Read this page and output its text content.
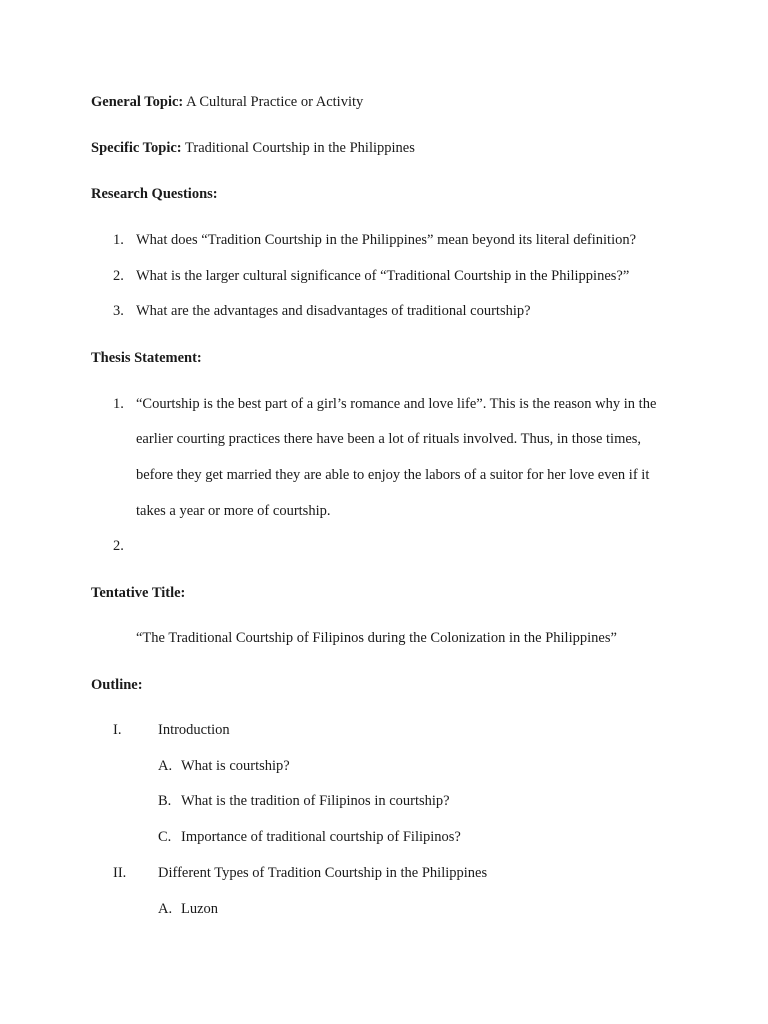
General Topic: A Cultural Practice or Activity
Specific Topic: Traditional Courtship in the Philippines
Research Questions:
1. What does “Tradition Courtship in the Philippines” mean beyond its literal definition?
2. What is the larger cultural significance of “Traditional Courtship in the Philippines?”
3. What are the advantages and disadvantages of traditional courtship?
Thesis Statement:
1. “Courtship is the best part of a girl’s romance and love life”. This is the reason why in the
earlier courting practices there have been a lot of rituals involved. Thus, in those times,
before they get married they are able to enjoy the labors of a suitor for her love even if it
takes a year or more of courtship.
2.
Tentative Title:
“The Traditional Courtship of Filipinos during the Colonization in the Philippines”
Outline:
I.	Introduction
A. What is courtship?
B. What is the tradition of Filipinos in courtship?
C. Importance of traditional courtship of Filipinos?
II. Different Types of Tradition Courtship in the Philippines
A. Luzon
